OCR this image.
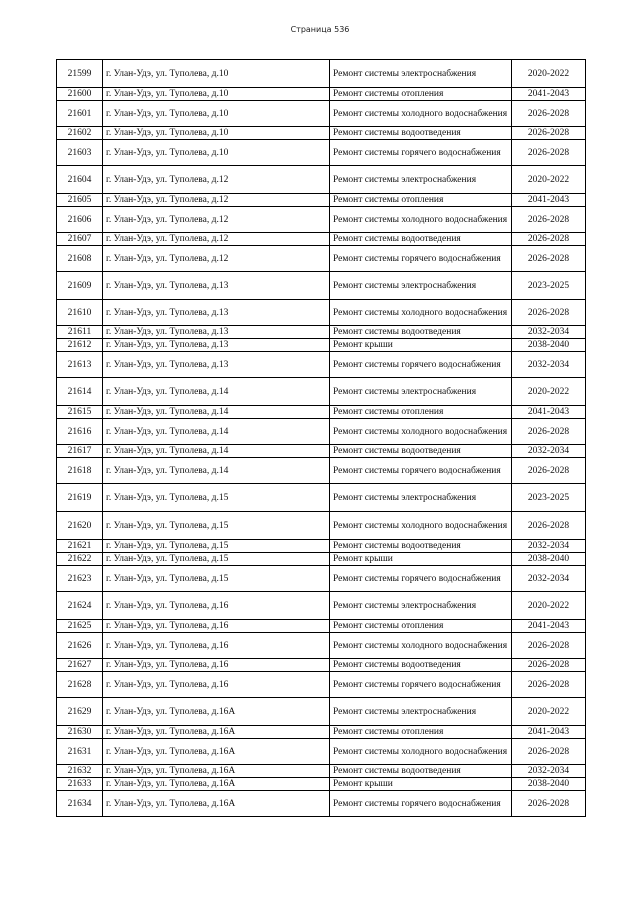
Страница 536
21599	г. Улан-Удэ, ул. Туполева, д.10	Ремонт системы электроснабжения	2020-2022
21600	г. Улан-Удэ, ул. Туполева, д.10	Ремонт системы отопления	2041-2043
21601	г. Улан-Удэ, ул. Туполева, д.10	Ремонт системы холодного водоснабжения	2026-2028
21602	г. Улан-Удэ, ул. Туполева, д.10	Ремонт системы водоотведения	2026-2028
21603	г. Улан-Удэ, ул. Туполева, д.10	Ремонт системы горячего водоснабжения	2026-2028
21604	г. Улан-Удэ, ул. Туполева, д.12	Ремонт системы электроснабжения	2020-2022
21605	г. Улан-Удэ, ул. Туполева, д.12	Ремонт системы отопления	2041-2043
21606	г. Улан-Удэ, ул. Туполева, д.12	Ремонт системы холодного водоснабжения	2026-2028
21607	г. Улан-Удэ, ул. Туполева, д.12	Ремонт системы водоотведения	2026-2028
21608	г. Улан-Удэ, ул. Туполева, д.12	Ремонт системы горячего водоснабжения	2026-2028
21609	г. Улан-Удэ, ул. Туполева, д.13	Ремонт системы электроснабжения	2023-2025
21610	г. Улан-Удэ, ул. Туполева, д.13	Ремонт системы холодного водоснабжения	2026-2028
21611	г. Улан-Удэ, ул. Туполева, д.13	Ремонт системы водоотведения	2032-2034
21612	г. Улан-Удэ, ул. Туполева, д.13	Ремонт крыши	2038-2040
21613	г. Улан-Удэ, ул. Туполева, д.13	Ремонт системы горячего водоснабжения	2032-2034
21614	г. Улан-Удэ, ул. Туполева, д.14	Ремонт системы электроснабжения	2020-2022
21615	г. Улан-Удэ, ул. Туполева, д.14	Ремонт системы отопления	2041-2043
21616	г. Улан-Удэ, ул. Туполева, д.14	Ремонт системы холодного водоснабжения	2026-2028
21617	г. Улан-Удэ, ул. Туполева, д.14	Ремонт системы водоотведения	2032-2034
21618	г. Улан-Удэ, ул. Туполева, д.14	Ремонт системы горячего водоснабжения	2026-2028
21619	г. Улан-Удэ, ул. Туполева, д.15	Ремонт системы электроснабжения	2023-2025
21620	г. Улан-Удэ, ул. Туполева, д.15	Ремонт системы холодного водоснабжения	2026-2028
21621	г. Улан-Удэ, ул. Туполева, д.15	Ремонт системы водоотведения	2032-2034
21622	г. Улан-Удэ, ул. Туполева, д.15	Ремонт крыши	2038-2040
21623	г. Улан-Удэ, ул. Туполева, д.15	Ремонт системы горячего водоснабжения	2032-2034
21624	г. Улан-Удэ, ул. Туполева, д.16	Ремонт системы электроснабжения	2020-2022
21625	г. Улан-Удэ, ул. Туполева, д.16	Ремонт системы отопления	2041-2043
21626	г. Улан-Удэ, ул. Туполева, д.16	Ремонт системы холодного водоснабжения	2026-2028
21627	г. Улан-Удэ, ул. Туполева, д.16	Ремонт системы водоотведения	2026-2028
21628	г. Улан-Удэ, ул. Туполева, д.16	Ремонт системы горячего водоснабжения	2026-2028
21629	г. Улан-Удэ, ул. Туполева, д.16А	Ремонт системы электроснабжения	2020-2022
21630	г. Улан-Удэ, ул. Туполева, д.16А	Ремонт системы отопления	2041-2043
21631	г. Улан-Удэ, ул. Туполева, д.16А	Ремонт системы холодного водоснабжения	2026-2028
21632	г. Улан-Удэ, ул. Туполева, д.16А	Ремонт системы водоотведения	2032-2034
21633	г. Улан-Удэ, ул. Туполева, д.16А	Ремонт крыши	2038-2040
21634	г. Улан-Удэ, ул. Туполева, д.16А	Ремонт системы горячего водоснабжения	2026-2028
